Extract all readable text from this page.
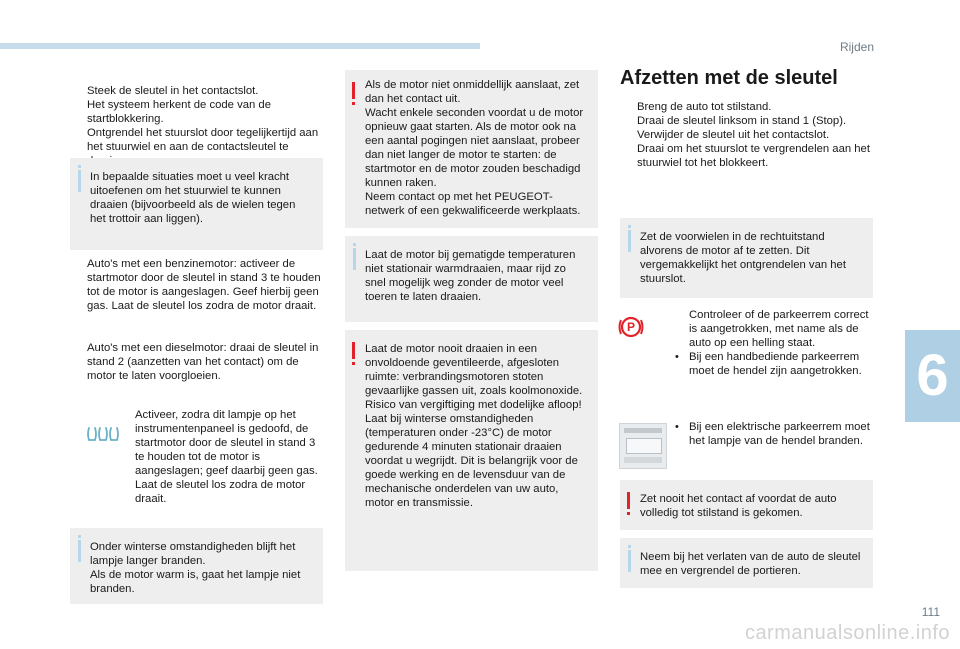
Rijden
6
111
carmanualsonline.info

Steek de sleutel in het contactslot.
Het systeem herkent de code van de startblokkering.

Ontgrendel het stuurslot door tegelijkertijd aan het stuurwiel en aan de contactsleutel te

In bepaalde situaties moet u veel kracht uitoefenen om het stuurwiel te kunnen draaien (bijvoorbeeld als de wielen tegen het trottoir aan liggen).

Auto's met een benzinemotor: activeer de startmotor door de sleutel in stand 3 te houden tot de motor is aangeslagen. Geef hierbij geen gas. Laat de sleutel los zodra de motor draait.

Auto's met een dieselmotor: draai de sleutel in stand 2 (aanzetten van het contact) om de motor te laten voorgloeien.

Activeer, zodra dit lampje op het instrumentenpaneel is gedoofd, de startmotor door de sleutel in stand 3 te houden tot de motor is aangeslagen; geef daarbij geen gas. Laat de sleutel los zodra de motor draait.

Onder winterse omstandigheden blijft het lampje langer branden.
Als de motor warm is, gaat het lampje niet branden.
Als de motor niet onmiddellijk aanslaat, zet dan het contact uit.
Wacht enkele seconden voordat u de motor opnieuw gaat starten. Als de motor ook na een aantal pogingen niet aanslaat, probeer dan niet langer de motor te starten: de startmotor en de motor zouden beschadigd kunnen raken.
Neem contact op met het PEUGEOT-netwerk of een gekwalificeerde werkplaats.
Laat de motor bij gematigde temperaturen niet stationair warmdraaien, maar rijd zo snel mogelijk weg zonder de motor veel toeren te laten draaien.
Laat de motor nooit draaien in een onvoldoende geventileerde, afgesloten ruimte: verbrandingsmotoren stoten gevaarlijke gassen uit, zoals koolmonoxide. Risico van vergiftiging met dodelijke afloop!
Laat bij winterse omstandigheden (temperaturen onder -23°C) de motor gedurende 4 minuten stationair draaien voordat u wegrijdt. Dit is belangrijk voor de goede werking en de levensduur van de mechanische onderdelen van uw auto, motor en transmissie.
Afzetten met de sleutel

Breng de auto tot stilstand.

Draai de sleutel linksom in stand 1 (Stop).

Verwijder de sleutel uit het contactslot.

Draai om het stuurslot te vergrendelen aan het stuurwiel tot het blokkeert.

Zet de voorwielen in de rechtuitstand alvorens de motor af te zetten. Dit vergemakkelijkt het ontgrendelen van het stuurslot.
P

Controleer of de parkeerrem correct is aangetrokken, met name als de auto op een helling staat.

• Bij een handbediende parkeerrem moet de hendel zijn aangetrokken.

• Bij een elektrische parkeerrem moet het lampje van de hendel branden.

Zet nooit het contact af voordat de auto volledig tot stilstand is gekomen.
Neem bij het verlaten van de auto de sleutel mee en vergrendel de portieren.
